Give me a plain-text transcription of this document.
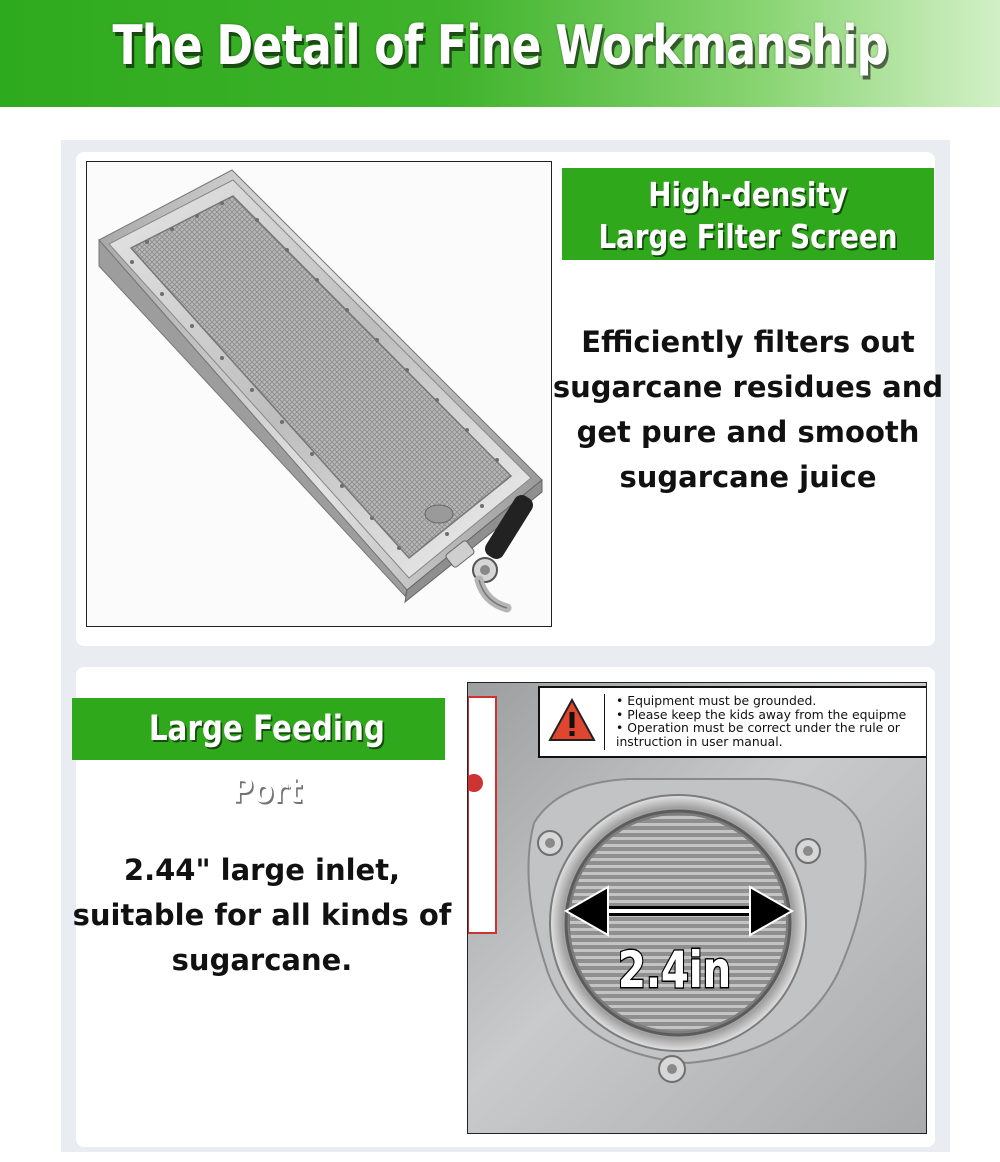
The Detail of Fine Workmanship
High-density
Large Filter Screen
Efficiently filters out
sugarcane residues and
get pure and smooth
sugarcane juice
Large Feeding Port
2.44" large inlet,
suitable for all kinds of
sugarcane.
• Equipment must be grounded.
• Please keep the kids away from the equipme
• Operation must be correct under the rule or
instruction in user manual.
2.4in
